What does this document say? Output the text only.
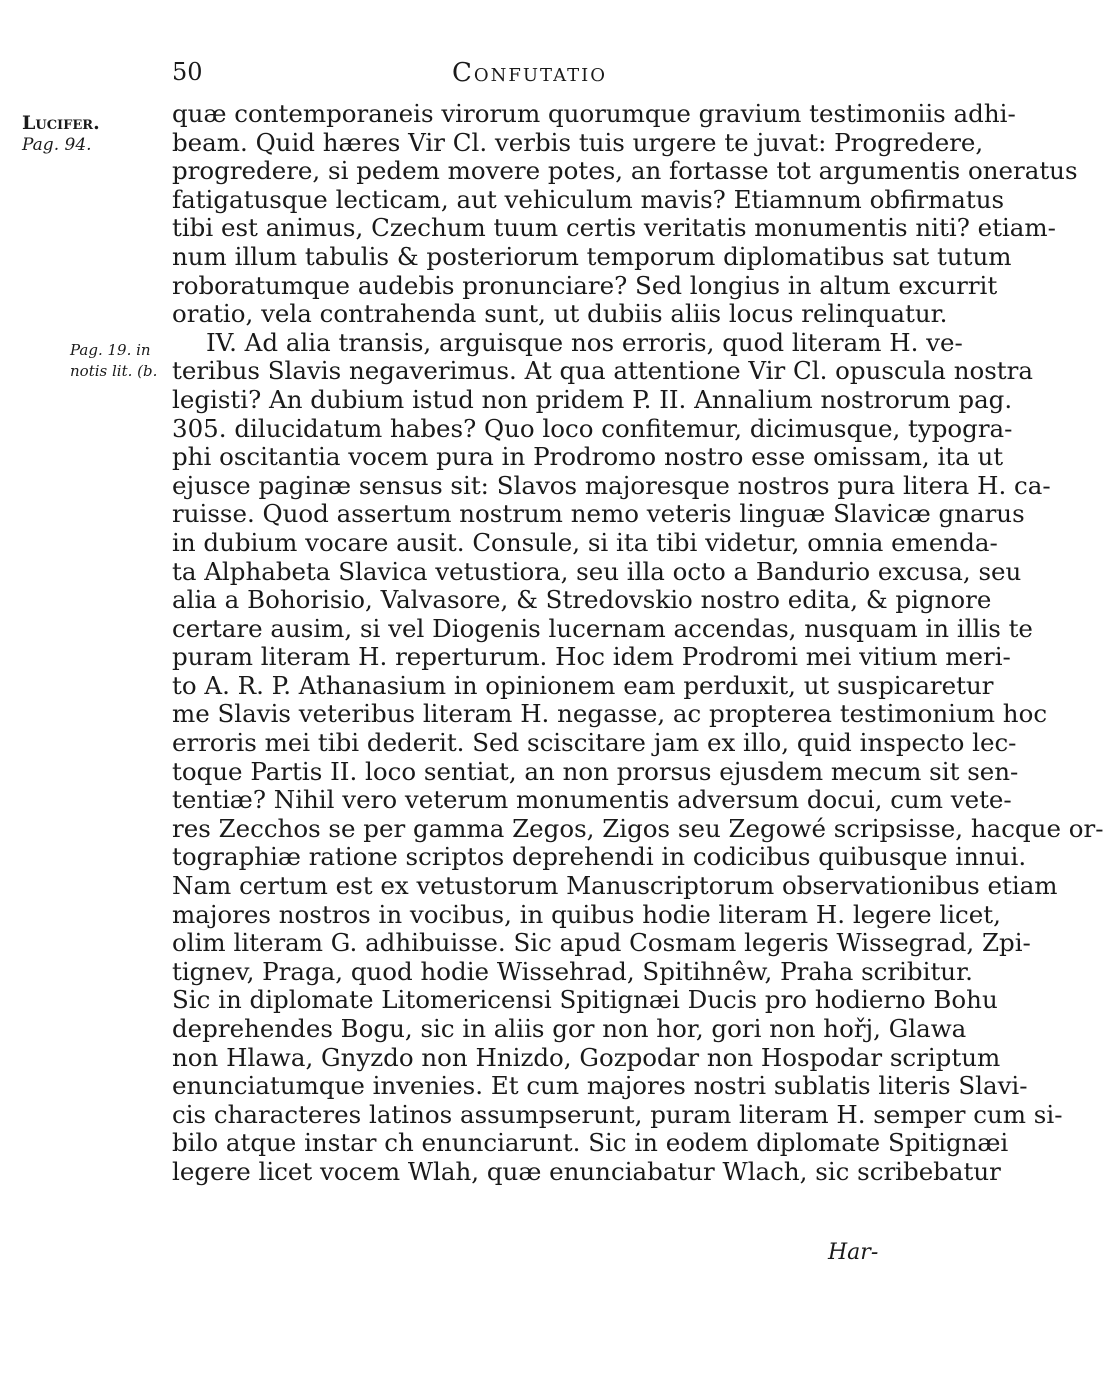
50	Confutatio
Lucifer.
Pag. 94.
Pag. 19. in
notis lit. (b.
quæ contemporaneis virorum quorumque gravium testimoniis adhi-
beam. Quid hæres Vir Cl. verbis tuis urgere te juvat: Progredere,
progredere, si pedem movere potes, an fortasse tot argumentis oneratus
fatigatusque lecticam, aut vehiculum mavis? Etiamnum obfirmatus
tibi est animus, Czechum tuum certis veritatis monumentis niti? etiam-
num illum tabulis & posteriorum temporum diplomatibus sat tutum
roboratumque audebis pronunciare? Sed longius in altum excurrit
oratio, vela contrahenda sunt, ut dubiis aliis locus relinquatur.
IV. Ad alia transis, arguisque nos erroris, quod literam H. ve-
teribus Slavis negaverimus. At qua attentione Vir Cl. opuscula nostra
legisti? An dubium istud non pridem P. II. Annalium nostrorum pag.
305. dilucidatum habes? Quo loco confitemur, dicimusque, typogra-
phi oscitantia vocem pura in Prodromo nostro esse omissam, ita ut
ejusce paginæ sensus sit: Slavos majoresque nostros pura litera H. ca-
ruisse. Quod assertum nostrum nemo veteris linguæ Slavicæ gnarus
in dubium vocare ausit. Consule, si ita tibi videtur, omnia emenda-
ta Alphabeta Slavica vetustiora, seu illa octo a Bandurio excusa, seu
alia a Bohorisio, Valvasore, & Stredovskio nostro edita, & pignore
certare ausim, si vel Diogenis lucernam accendas, nusquam in illis te
puram literam H. reperturum. Hoc idem Prodromi mei vitium meri-
to A. R. P. Athanasium in opinionem eam perduxit, ut suspicaretur
me Slavis veteribus literam H. negasse, ac propterea testimonium hoc
erroris mei tibi dederit. Sed sciscitare jam ex illo, quid inspecto lec-
toque Partis II. loco sentiat, an non prorsus ejusdem mecum sit sen-
tentiæ? Nihil vero veterum monumentis adversum docui, cum vete-
res Zecchos se per gamma Zegos, Zigos seu Zegowé scripsisse, hacque or-
tographiæ ratione scriptos deprehendi in codicibus quibusque innui.
Nam certum est ex vetustorum Manuscriptorum observationibus etiam
majores nostros in vocibus, in quibus hodie literam H. legere licet,
olim literam G. adhibuisse. Sic apud Cosmam legeris Wissegrad, Zpi-
tignev, Praga, quod hodie Wissehrad, Spitihnêw, Praha scribitur.
Sic in diplomate Litomericensi Spitignæi Ducis pro hodierno Bohu
deprehendes Bogu, sic in aliis gor non hor, gori non hořj, Glawa
non Hlawa, Gnyzdo non Hnizdo, Gozpodar non Hospodar scriptum
enunciatumque invenies. Et cum majores nostri sublatis literis Slavi-
cis characteres latinos assumpserunt, puram literam H. semper cum si-
bilo atque instar ch enunciarunt. Sic in eodem diplomate Spitignæi
legere licet vocem Wlah, quæ enunciabatur Wlach, sic scribebatur
Har-
